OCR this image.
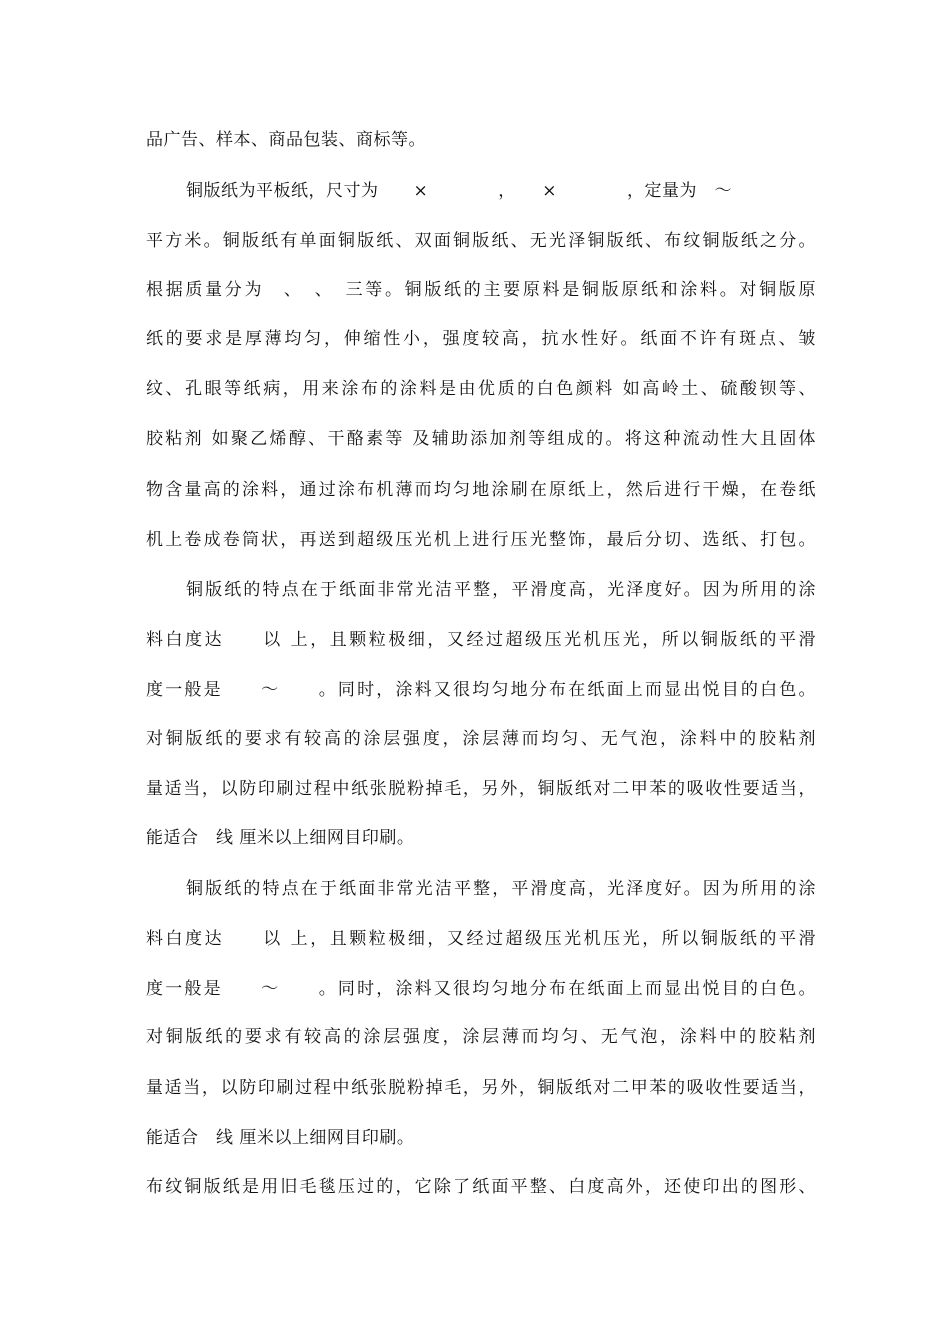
品广告、样本、商品包装、商标等。
铜版纸为平板纸，尺寸为　　×　　　　，　　×　　　　，定量为　～
平方米。铜版纸有单面铜版纸、双面铜版纸、无光泽铜版纸、布纹铜版纸之分。
根据质量分为　、　、　三等。铜版纸的主要原料是铜版原纸和涂料。对铜版原
纸的要求是厚薄均匀，伸缩性小，强度较高，抗水性好。纸面不许有斑点、皱
纹、孔眼等纸病，用来涂布的涂料是由优质的白色颜料 如高岭土、硫酸钡等、
胶粘剂 如聚乙烯醇、干酪素等 及辅助添加剂等组成的。将这种流动性大且固体
物含量高的涂料，通过涂布机薄而均匀地涂刷在原纸上，然后进行干燥，在卷纸
机上卷成卷筒状，再送到超级压光机上进行压光整饰，最后分切、选纸、打包。
铜版纸的特点在于纸面非常光洁平整，平滑度高，光泽度好。因为所用的涂
料白度达　　以 上，且颗粒极细，又经过超级压光机压光，所以铜版纸的平滑
度一般是　　～　　。同时，涂料又很均匀地分布在纸面上而显出悦目的白色。
对铜版纸的要求有较高的涂层强度，涂层薄而均匀、无气泡，涂料中的胶粘剂
量适当，以防印刷过程中纸张脱粉掉毛，另外，铜版纸对二甲苯的吸收性要适当，
能适合　线 厘米以上细网目印刷。
铜版纸的特点在于纸面非常光洁平整，平滑度高，光泽度好。因为所用的涂
料白度达　　以 上，且颗粒极细，又经过超级压光机压光，所以铜版纸的平滑
度一般是　　～　　。同时，涂料又很均匀地分布在纸面上而显出悦目的白色。
对铜版纸的要求有较高的涂层强度，涂层薄而均匀、无气泡，涂料中的胶粘剂
量适当，以防印刷过程中纸张脱粉掉毛，另外，铜版纸对二甲苯的吸收性要适当，
能适合　线 厘米以上细网目印刷。
布纹铜版纸是用旧毛毯压过的，它除了纸面平整、白度高外，还使印出的图形、
